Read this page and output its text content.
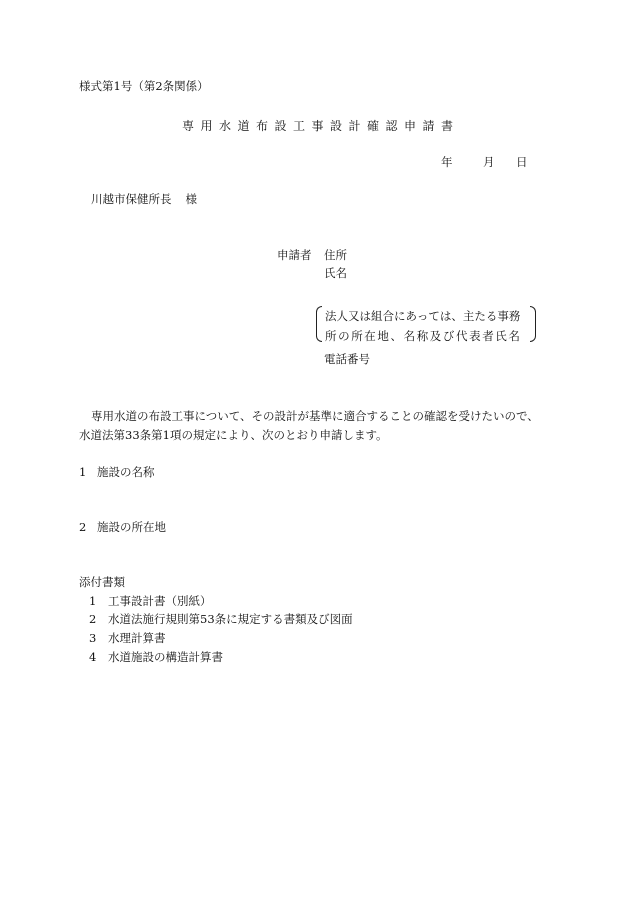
様式第1号（第2条関係）
専用水道布設工事設計確認申請書
年	月	日
川越市保健所長 様
申請者 住所
氏名
法人又は組合にあっては、主たる事務
所の所在地、名称及び代表者氏名
電話番号
専用水道の布設工事について、その設計が基準に適合することの確認を受けたいので、
水道法第33条第1項の規定により、次のとおり申請します。
1 施設の名称
2 施設の所在地
添付書類
1 工事設計書（別紙）
2 水道法施行規則第53条に規定する書類及び図面
3 水理計算書
4 水道施設の構造計算書
